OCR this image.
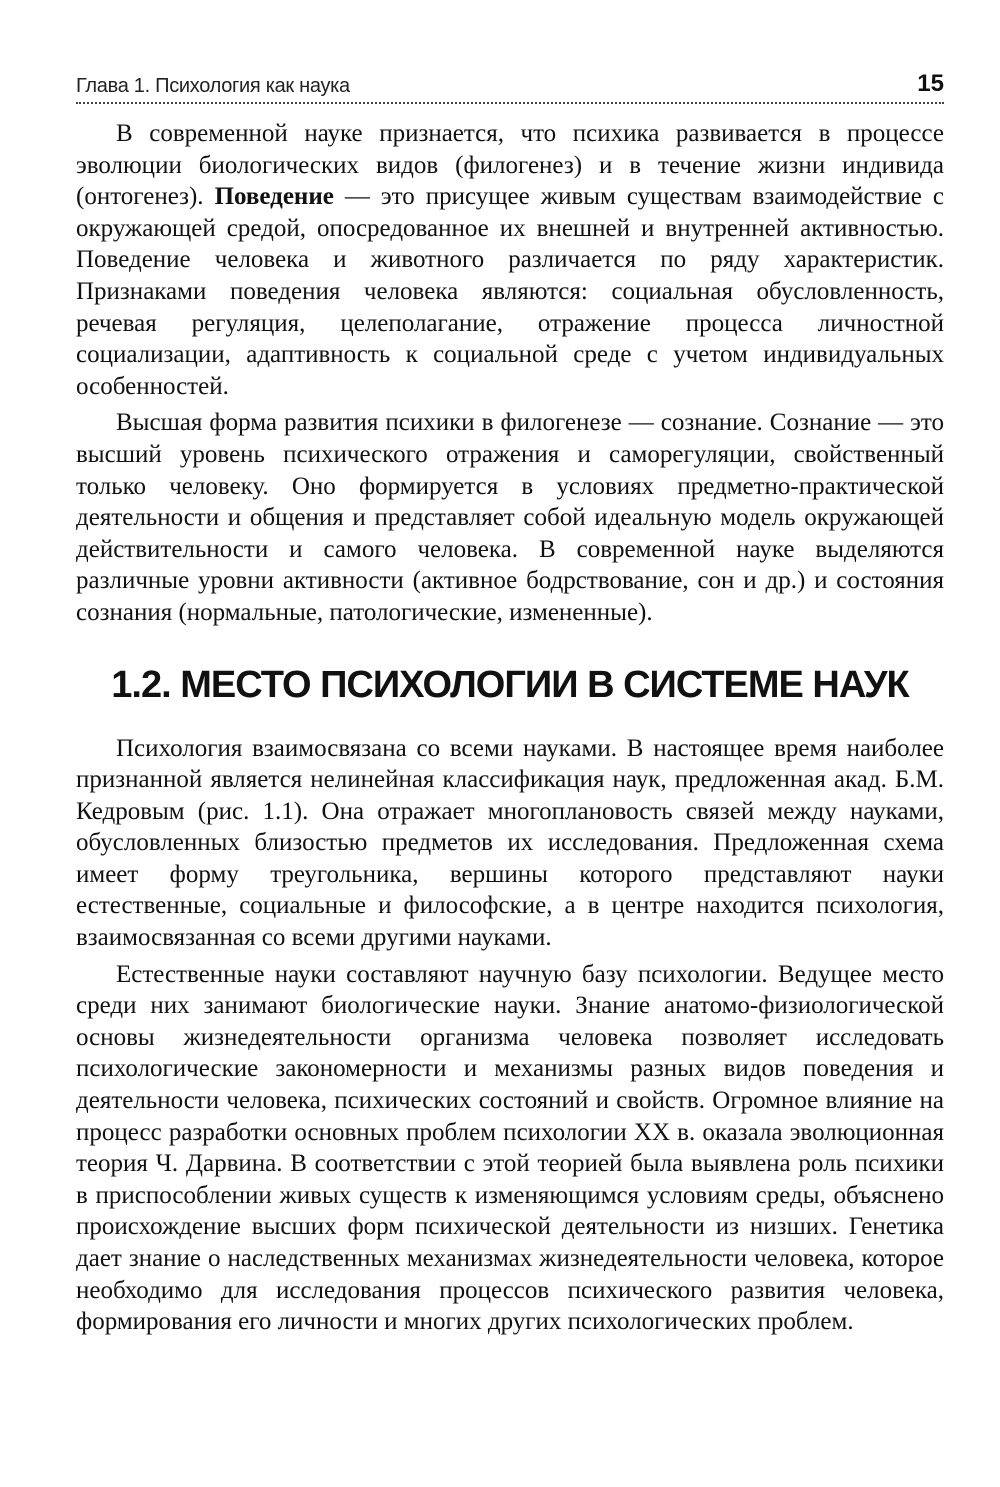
Глава 1. Психология как наука	15

В современной науке признается, что психика развивается в процессе эволюции биологических видов (филогенез) и в течение жизни индивида (онтогенез). Поведение — это присущее живым существам взаимодействие с окружающей средой, опосредованное их внешней и внутренней активностью. Поведение человека и животного различается по ряду характеристик. Признаками поведения человека являются: социальная обусловленность, речевая регуляция, целеполагание, отражение процесса личностной социализации, адаптивность к социальной среде с учетом индивидуальных особенностей.

Высшая форма развития психики в филогенезе — сознание. Сознание — это высший уровень психического отражения и саморегуляции, свойственный только человеку. Оно формируется в условиях предметно-практической деятельности и общения и представляет собой идеальную модель окружающей действительности и самого человека. В современной науке выделяются различные уровни активности (активное бодрствование, сон и др.) и состояния сознания (нормальные, патологические, измененные).

1.2. МЕСТО ПСИХОЛОГИИ В СИСТЕМЕ НАУК

Психология взаимосвязана со всеми науками. В настоящее время наиболее признанной является нелинейная классификация наук, предложенная акад. Б.М. Кедровым (рис. 1.1). Она отражает многоплановость связей между науками, обусловленных близостью предметов их исследования. Предложенная схема имеет форму треугольника, вершины которого представляют науки естественные, социальные и философские, а в центре находится психология, взаимосвязанная со всеми другими науками.

Естественные науки составляют научную базу психологии. Ведущее место среди них занимают биологические науки. Знание анатомо-физиологической основы жизнедеятельности организма человека позволяет исследовать психологические закономерности и механизмы разных видов поведения и деятельности человека, психических состояний и свойств. Огромное влияние на процесс разработки основных проблем психологии XX в. оказала эволюционная теория Ч. Дарвина. В соответствии с этой теорией была выявлена роль психики в приспособлении живых существ к изменяющимся условиям среды, объяснено происхождение высших форм психической деятельности из низших. Генетика дает знание о наследственных механизмах жизнедеятельности человека, которое необходимо для исследования процессов психического развития человека, формирования его личности и многих других психологических проблем.
